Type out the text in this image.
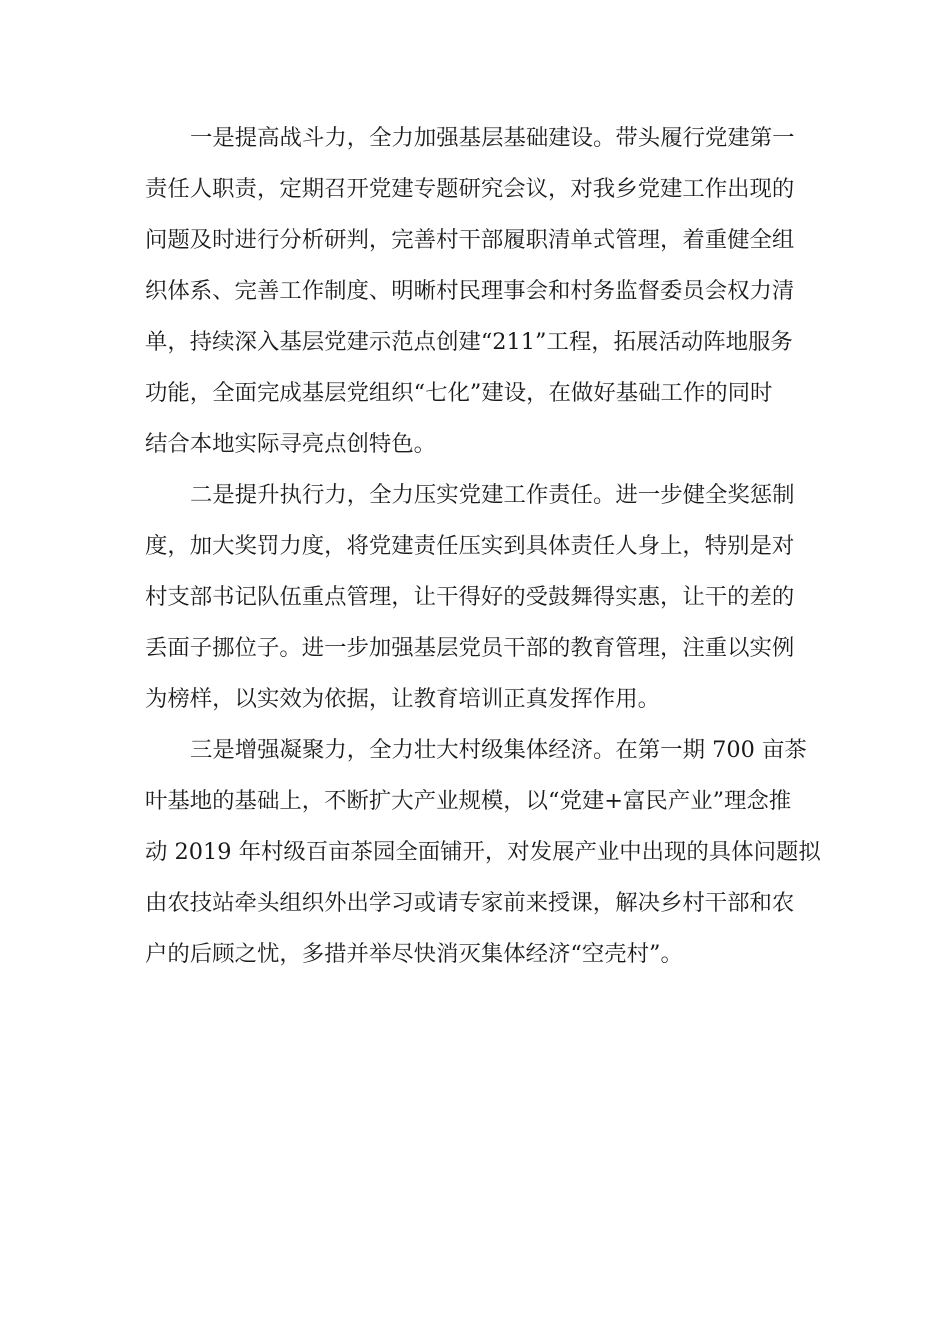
一是提高战斗力，全力加强基层基础建设。带头履行党建第一
责任人职责，定期召开党建专题研究会议，对我乡党建工作出现的
问题及时进行分析研判，完善村干部履职清单式管理，着重健全组
织体系、完善工作制度、明晰村民理事会和村务监督委员会权力清
单，持续深入基层党建示范点创建“211”工程，拓展活动阵地服务
功能，全面完成基层党组织“七化”建设，在做好基础工作的同时
结合本地实际寻亮点创特色。

二是提升执行力，全力压实党建工作责任。进一步健全奖惩制
度，加大奖罚力度，将党建责任压实到具体责任人身上，特别是对
村支部书记队伍重点管理，让干得好的受鼓舞得实惠，让干的差的
丢面子挪位子。进一步加强基层党员干部的教育管理，注重以实例
为榜样，以实效为依据，让教育培训正真发挥作用。

三是增强凝聚力，全力壮大村级集体经济。在第一期 700 亩茶
叶基地的基础上，不断扩大产业规模，以“党建+富民产业”理念推
动 2019 年村级百亩茶园全面铺开，对发展产业中出现的具体问题拟
由农技站牵头组织外出学习或请专家前来授课，解决乡村干部和农
户的后顾之忧，多措并举尽快消灭集体经济“空壳村”。
